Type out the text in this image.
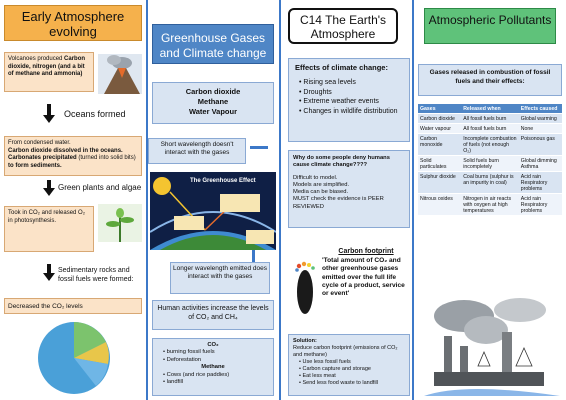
Early Atmosphere evolving
Volcanoes produced Carbon dioxide, nitrogen (and a bit of methane and ammonia)
Oceans formed
From condensed water.
Carbon dioxide dissolved in the oceans.
Carbonates precipitated (turned into solid bits) to form sediments.
Green plants and algae
Took in CO₂ and released O₂ in photosynthesis.
Sedimentary rocks and fossil fuels were formed:
Decreased the CO₂ levels
Greenhouse Gases and Climate change
Carbon dioxide
Methane
Water Vapour
Short wavelength doesn't interact with the gases
The Greenhouse Effect
Longer wavelength emitted does interact with the gases
Human activities increase the levels of CO₂ and CH₄
CO₂
• burning fossil fuels
• Deforestation
Methane
• Cows (and rice paddies)
• landfill
C14 The Earth's Atmosphere
Effects of climate change:
• Rising sea levels
• Droughts
• Extreme weather events
• Changes in wildlife distribution
Why do some people deny humans cause climate change????
Difficult to model.
Models are simplified.
Media can be biased.
MUST check the evidence is PEER REVIEWED
Carbon footprint
'Total amount of CO₂ and other greenhouse gases emitted over the full life cycle of a product, service or event'
Solution:
Reduce carbon footprint (emissions of CO₂ and methane)
• Use less fossil fuels
• Carbon capture and storage
• Eat less meat
• Send less food waste to landfill
Atmospheric Pollutants
Gases released in combustion of fossil fuels and their effects:
Gases	Released when	Effects caused
Carbon dioxide	All fossil fuels burn	Global warming
Water vapour	All fossil fuels burn	None
Carbon monoxide	Incomplete combustion of fuels (not enough O₂)	Poisonous gas
Solid particulates	Solid fuels burn incompletely	Global dimming Asthma
Sulphur dioxide	Coal burns (sulphur is an impurity in coal)	Acid rain Respiratory problems
Nitrous oxides	Nitrogen in air reacts with oxygen at high temperatures	Acid rain Respiratory problems
